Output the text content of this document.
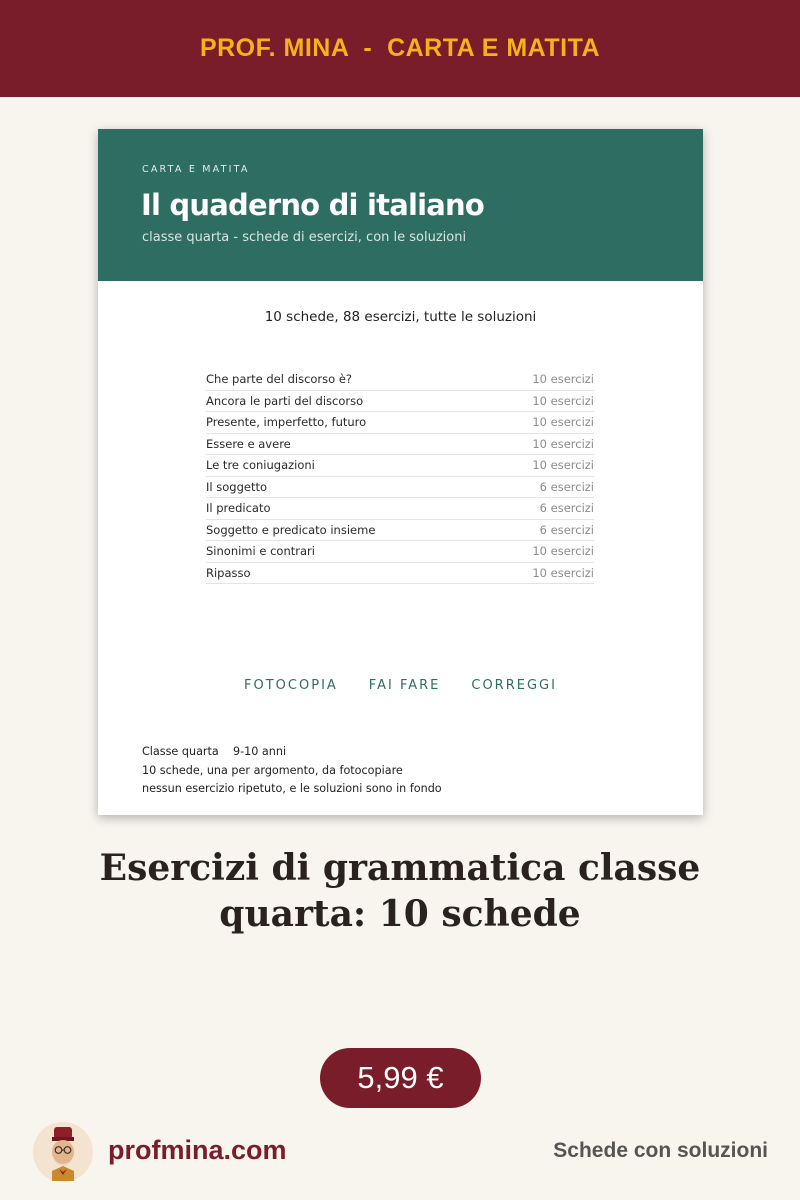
PROF. MINA  -  CARTA E MATITA
CARTA E MATITA
Il quaderno di italiano
classe quarta - schede di esercizi, con le soluzioni
10 schede, 88 esercizi, tutte le soluzioni
Che parte del discorso è?	10 esercizi
Ancora le parti del discorso	10 esercizi
Presente, imperfetto, futuro	10 esercizi
Essere e avere	10 esercizi
Le tre coniugazioni	10 esercizi
Il soggetto	6 esercizi
Il predicato	6 esercizi
Soggetto e predicato insieme	6 esercizi
Sinonimi e contrari	10 esercizi
Ripasso	10 esercizi
FOTOCOPIA FAI FARE CORREGGI
Classe quarta    9-10 anni
10 schede, una per argomento, da fotocopiare
nessun esercizio ripetuto, e le soluzioni sono in fondo
Esercizi di grammatica classe quarta: 10 schede
5,99 €
profmina.com	Schede con soluzioni
